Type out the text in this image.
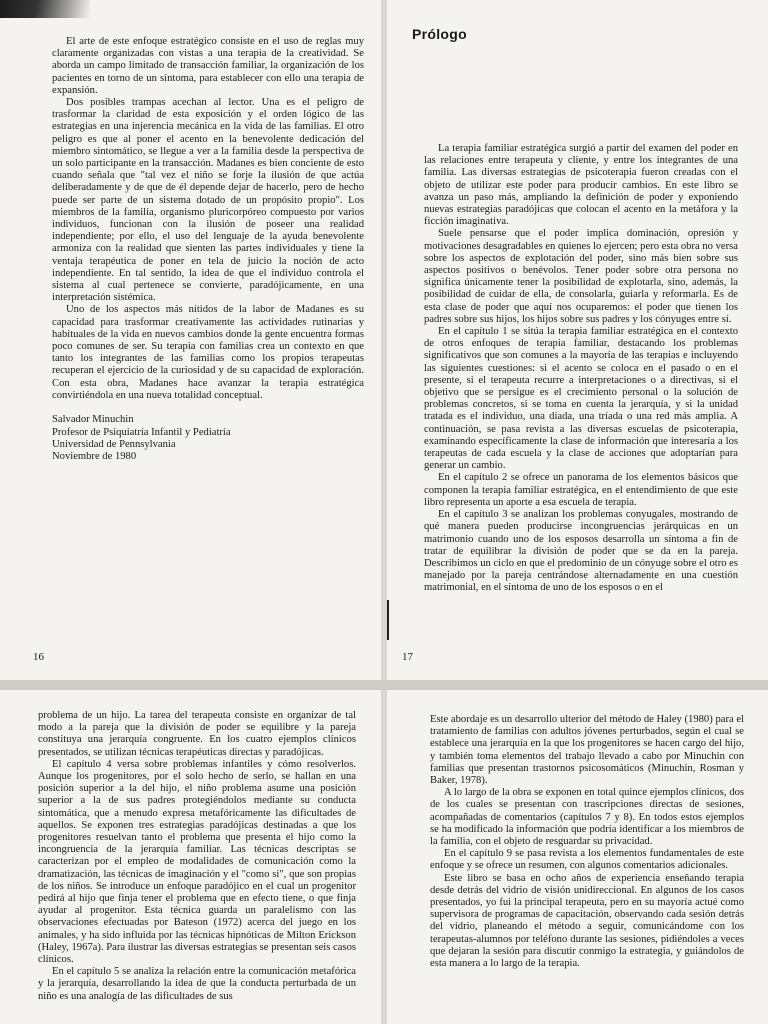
El arte de este enfoque estratégico consiste en el uso de reglas muy claramente organizadas con vistas a una terapia de la creatividad. Se aborda un campo limitado de transacción familiar, la organización de los pacientes en torno de un síntoma, para establecer con ello una terapia de expansión.

Dos posibles trampas acechan al lector. Una es el peligro de trasformar la claridad de esta exposición y el orden lógico de las estrategias en una injerencia mecánica en la vida de las familias. El otro peligro es que al poner el acento en la benevolente dedicación del miembro sintomático, se llegue a ver a la familia desde la perspectiva de un solo participante en la transacción. Madanes es bien conciente de esto cuando señala que "tal vez el niño se forje la ilusión de que actúa deliberadamente y de que de él depende dejar de hacerlo, pero de hecho puede ser parte de un sistema dotado de un propósito propio". Los miembros de la familia, organismo pluricorpóreo compuesto por varios individuos, funcionan con la ilusión de poseer una realidad independiente; por ello, el uso del lenguaje de la ayuda benevolente armoniza con la realidad que sienten las partes individuales y tiene la ventaja terapéutica de poner en tela de juicio la noción de acto independiente. En tal sentido, la idea de que el individuo controla el sistema al cual pertenece se convierte, paradójicamente, en una interpretación sistémica.

Uno de los aspectos más nítidos de la labor de Madanes es su capacidad para trasformar creativamente las actividades rutinarias y habituales de la vida en nuevos cambios donde la gente encuentra formas poco comunes de ser. Su terapia con familias crea un contexto en que tanto los integrantes de las familias como los propios terapeutas recuperan el ejercicio de la curiosidad y de su capacidad de exploración. Con esta obra, Madanes hace avanzar la terapia estratégica convirtiéndola en una nueva totalidad conceptual.

Salvador Minuchin
Profesor de Psiquiatría Infantil y Pediatría
Universidad de Pennsylvania
Noviembre de 1980
16
Prólogo

La terapia familiar estratégica surgió a partir del examen del poder en las relaciones entre terapeuta y cliente, y entre los integrantes de una familia. Las diversas estrategias de psicoterapia fueron creadas con el objeto de utilizar este poder para producir cambios. En este libro se avanza un paso más, ampliando la definición de poder y exponiendo nuevas estrategias paradójicas que colocan el acento en la metáfora y la ficción imaginativa.

Suele pensarse que el poder implica dominación, opresión y motivaciones desagradables en quienes lo ejercen; pero esta obra no versa sobre los aspectos de explotación del poder, sino más bien sobre sus aspectos positivos o benévolos. Tener poder sobre otra persona no significa únicamente tener la posibilidad de explotarla, sino, además, la posibilidad de cuidar de ella, de consolarla, guiarla y reformarla. Es de esta clase de poder que aquí nos ocuparemos: el poder que tienen los padres sobre sus hijos, los hijos sobre sus padres y los cónyuges entre sí.

En el capítulo 1 se sitúa la terapia familiar estratégica en el contexto de otros enfoques de terapia familiar, destacando los problemas significativos que son comunes a la mayoría de las terapias e incluyendo las siguientes cuestiones: si el acento se coloca en el pasado o en el presente, si el terapeuta recurre a interpretaciones o a directivas, si el objetivo que se persigue es el crecimiento personal o la solución de problemas concretos, si se toma en cuenta la jerarquía, y si la unidad tratada es el individuo, una díada, una tríada o una red más amplia. A continuación, se pasa revista a las diversas escuelas de psicoterapia, examinando específicamente la clase de información que interesaría a los terapeutas de cada escuela y la clase de acciones que adoptarían para generar un cambio.

En el capítulo 2 se ofrece un panorama de los elementos básicos que componen la terapia familiar estratégica, en el entendimiento de que este libro representa un aporte a esa escuela de terapia.

En el capítulo 3 se analizan los problemas conyugales, mostrando de qué manera pueden producirse incongruencias jerárquicas en un matrimonio cuando uno de los esposos desarrolla un síntoma a fin de tratar de equilibrar la división de poder que se da en la pareja. Describimos un ciclo en que el predominio de un cónyuge sobre el otro es manejado por la pareja centrándose alternadamente en una cuestión matrimonial, en el síntoma de uno de los esposos o en el

17

problema de un hijo. La tarea del terapeuta consiste en organizar de tal modo a la pareja que la división de poder se equilibre y la pareja constituya una jerarquía congruente. En los cuatro ejemplos clínicos presentados, se utilizan técnicas terapéuticas directas y paradójicas.

El capítulo 4 versa sobre problemas infantiles y cómo resolverlos. Aunque los progenitores, por el solo hecho de serlo, se hallan en una posición superior a la del hijo, el niño problema asume una posición superior a la de sus padres protegiéndolos mediante su conducta sintomática, que a menudo expresa metafóricamente las dificultades de aquellos. Se exponen tres estrategias paradójicas destinadas a que los progenitores resuelvan tanto el problema que presenta el hijo como la incongruencia de la jerarquía familiar. Las técnicas descriptas se caracterizan por el empleo de modalidades de comunicación como la dramatización, las técnicas de imaginación y el "como si", que son propias de los niños. Se introduce un enfoque paradójico en el cual un progenitor pedirá al hijo que finja tener el problema que en efecto tiene, o que finja ayudar al progenitor. Esta técnica guarda un paralelismo con las observaciones efectuadas por Bateson (1972) acerca del juego en los animales, y ha sido influida por las técnicas hipnóticas de Milton Erickson (Haley, 1967a). Para ilustrar las diversas estrategias se presentan seis casos clínicos.

En el capítulo 5 se analiza la relación entre la comunicación metafórica y la jerarquía, desarrollando la idea de que la conducta perturbada de un niño es una analogía de las dificultades de sus

Este abordaje es un desarrollo ulterior del método de Haley (1980) para el tratamiento de familias con adultos jóvenes perturbados, según el cual se establece una jerarquía en la que los progenitores se hacen cargo del hijo, y también toma elementos del trabajo llevado a cabo por Minuchin con familias que presentan trastornos psicosomáticos (Minuchin, Rosman y Baker, 1978).

A lo largo de la obra se exponen en total quince ejemplos clínicos, dos de los cuales se presentan con trascripciones directas de sesiones, acompañadas de comentarios (capítulos 7 y 8). En todos estos ejemplos se ha modificado la información que podría identificar a los miembros de la familia, con el objeto de resguardar su privacidad.

En el capítulo 9 se pasa revista a los elementos fundamentales de este enfoque y se ofrece un resumen, con algunos comentarios adicionales.

Este libro se basa en ocho años de experiencia enseñando terapia desde detrás del vidrio de visión unidireccional. En algunos de los casos presentados, yo fui la principal terapeuta, pero en su mayoría actué como supervisora de programas de capacitación, observando cada sesión detrás del vidrio, planeando el método a seguir, comunicándome con los terapeutas-alumnos por teléfono durante las sesiones, pidiéndoles a veces que dejaran la sesión para discutir conmigo la estrategia, y guiándolos de esta manera a lo largo de la terapia.
